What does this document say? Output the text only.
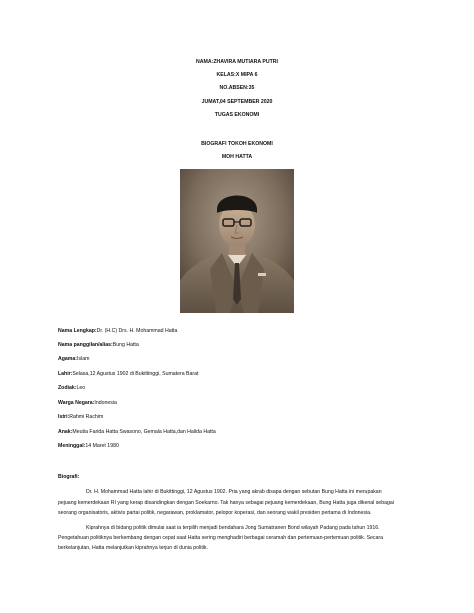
NAMA:ZHAVIRA MUTIARA PUTRI
KELAS:X MIPA 6
NO.ABSEN:35
JUMAT,04 SEPTEMBER 2020
TUGAS EKONOMI
BIOGRAFI TOKOH EKONOMI
MOH HATTA
Nama Lengkap:Dr. (H.C) Drs. H. Mohammad Hatta
Nama panggilan/alias:Bung Hatta
Agama:Islam
Lahir:Selasa,12 Agustus 1902 di Bukittinggi, Sumatera Barat
Zodiak:Leo
Warga Negara:Indonesia
Istri:Rahmi Rachim
Anak:Meutia Farida Hatta Swasono, Gemala Hatta,dan Halida Hatta
Meninggal:14 Maret 1980
Biografi:
Dr. H. Mohammad Hatta lahir di Bukittinggi, 12 Agustus 1902. Pria yang akrab disapa dengan sebutan Bung Hatta ini merupakan
pejuang kemerdekaan RI yang kerap disandingkan dengan Soekarno. Tak hanya sebagai pejuang kemerdekaan, Bung Hatta juga dikenal sebagai
seorang organisatoris, aktivis partai politik, negarawan, proklamator, pelopor koperasi, dan seorang wakil presiden pertama di Indonesia.
Kiprahnya di bidang politik dimulai saat ia terpilih menjadi bendahara Jong Sumatranen Bond wilayah Padang pada tahun 1916.
Pengetahuan politiknya berkembang dengan cepat saat Hatta sering menghadiri berbagai ceramah dan pertemuan-pertemuan politik. Secara
berkelanjutan, Hatta melanjutkan kiprahnya terjun di dunia politik.
